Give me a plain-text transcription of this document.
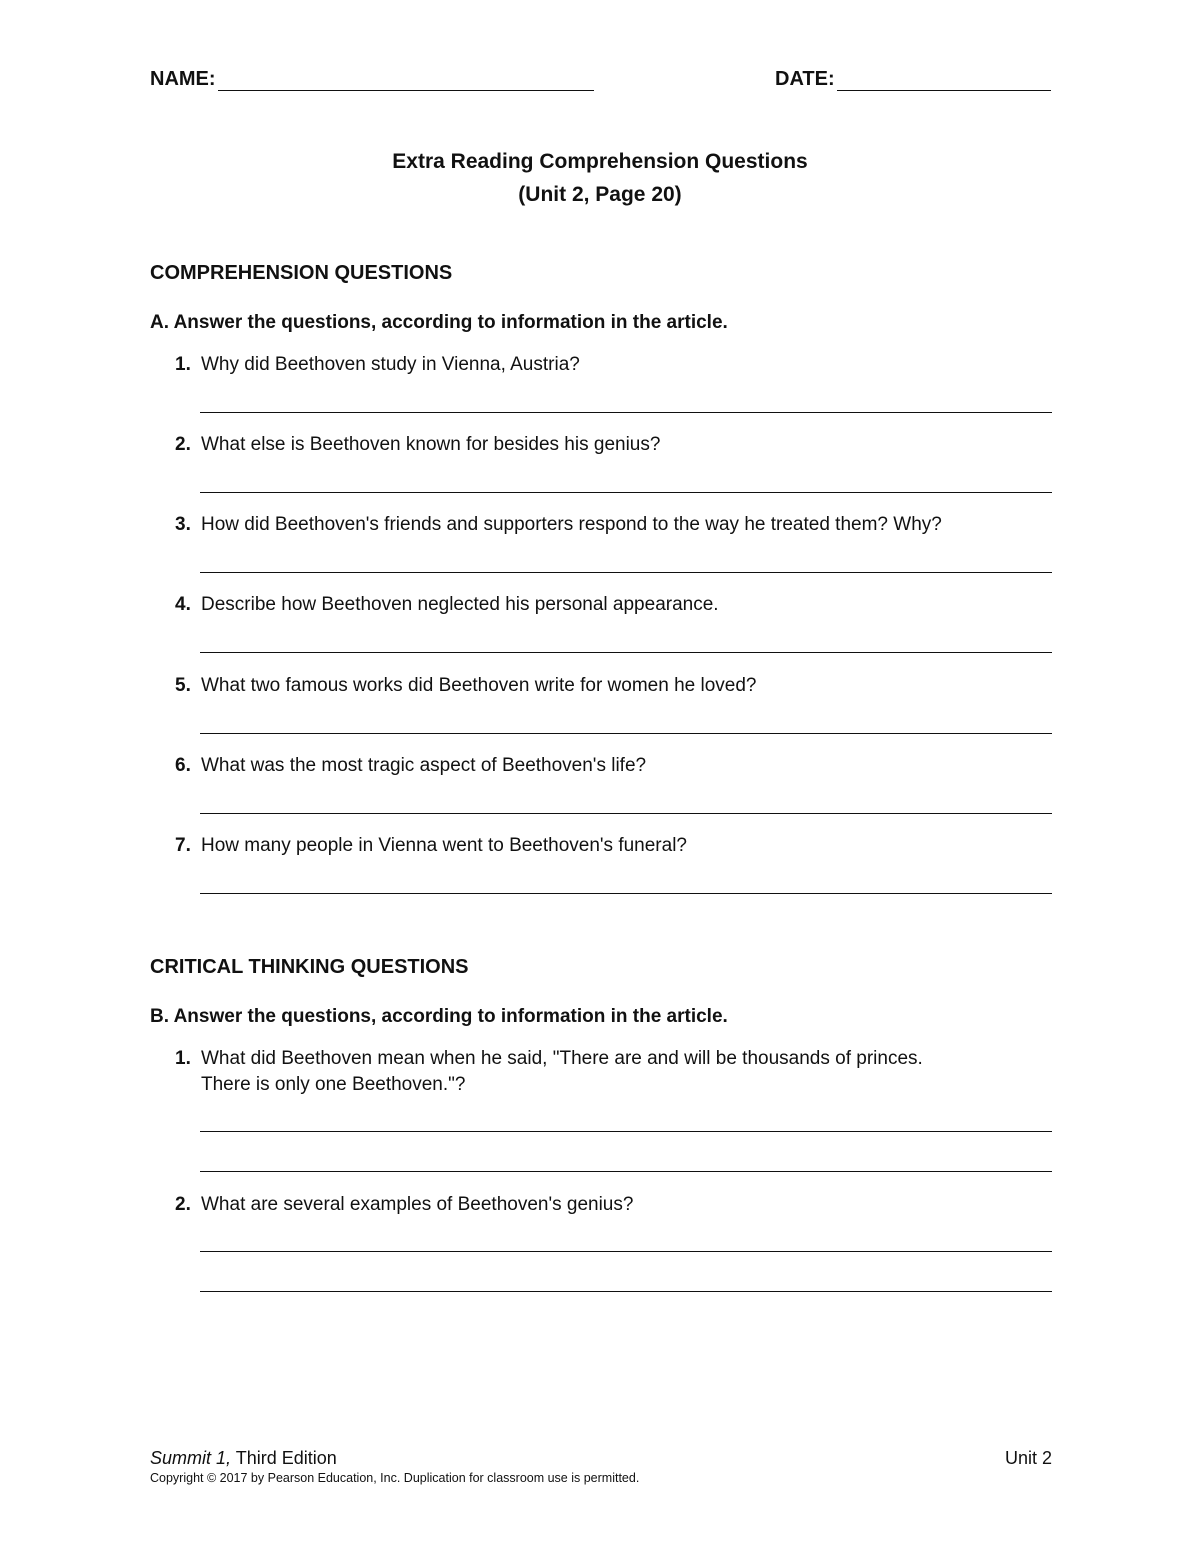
NAME:	DATE:
Extra Reading Comprehension Questions
(Unit 2, Page 20)
COMPREHENSION QUESTIONS
A. Answer the questions, according to information in the article.
1. Why did Beethoven study in Vienna, Austria?
2. What else is Beethoven known for besides his genius?
3. How did Beethoven's friends and supporters respond to the way he treated them? Why?
4. Describe how Beethoven neglected his personal appearance.
5. What two famous works did Beethoven write for women he loved?
6. What was the most tragic aspect of Beethoven's life?
7. How many people in Vienna went to Beethoven's funeral?
CRITICAL THINKING QUESTIONS
B. Answer the questions, according to information in the article.
1. What did Beethoven mean when he said, "There are and will be thousands of princes.
There is only one Beethoven."?
2. What are several examples of Beethoven's genius?
Summit 1, Third Edition	Unit 2
Copyright © 2017 by Pearson Education, Inc. Duplication for classroom use is permitted.
